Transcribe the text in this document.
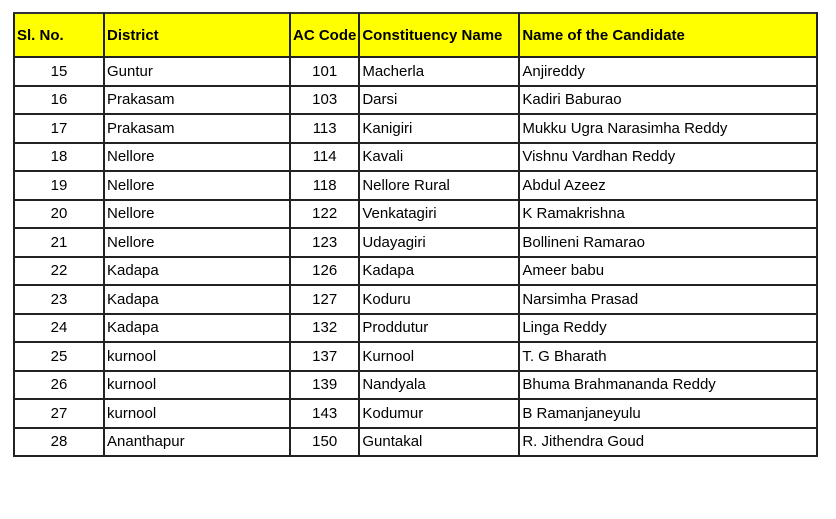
Sl. No.	District	AC Code	Constituency Name	Name of the Candidate
15	Guntur	101	Macherla	Anjireddy
16	Prakasam	103	Darsi	Kadiri Baburao
17	Prakasam	113	Kanigiri	Mukku Ugra Narasimha Reddy
18	Nellore	114	Kavali	Vishnu Vardhan Reddy
19	Nellore	118	Nellore Rural	Abdul Azeez
20	Nellore	122	Venkatagiri	K Ramakrishna
21	Nellore	123	Udayagiri	Bollineni Ramarao
22	Kadapa	126	Kadapa	Ameer babu
23	Kadapa	127	Koduru	Narsimha Prasad
24	Kadapa	132	Proddutur	Linga Reddy
25	kurnool	137	Kurnool	T. G Bharath
26	kurnool	139	Nandyala	Bhuma Brahmananda Reddy
27	kurnool	143	Kodumur	B Ramanjaneyulu
28	Ananthapur	150	Guntakal	R. Jithendra Goud
